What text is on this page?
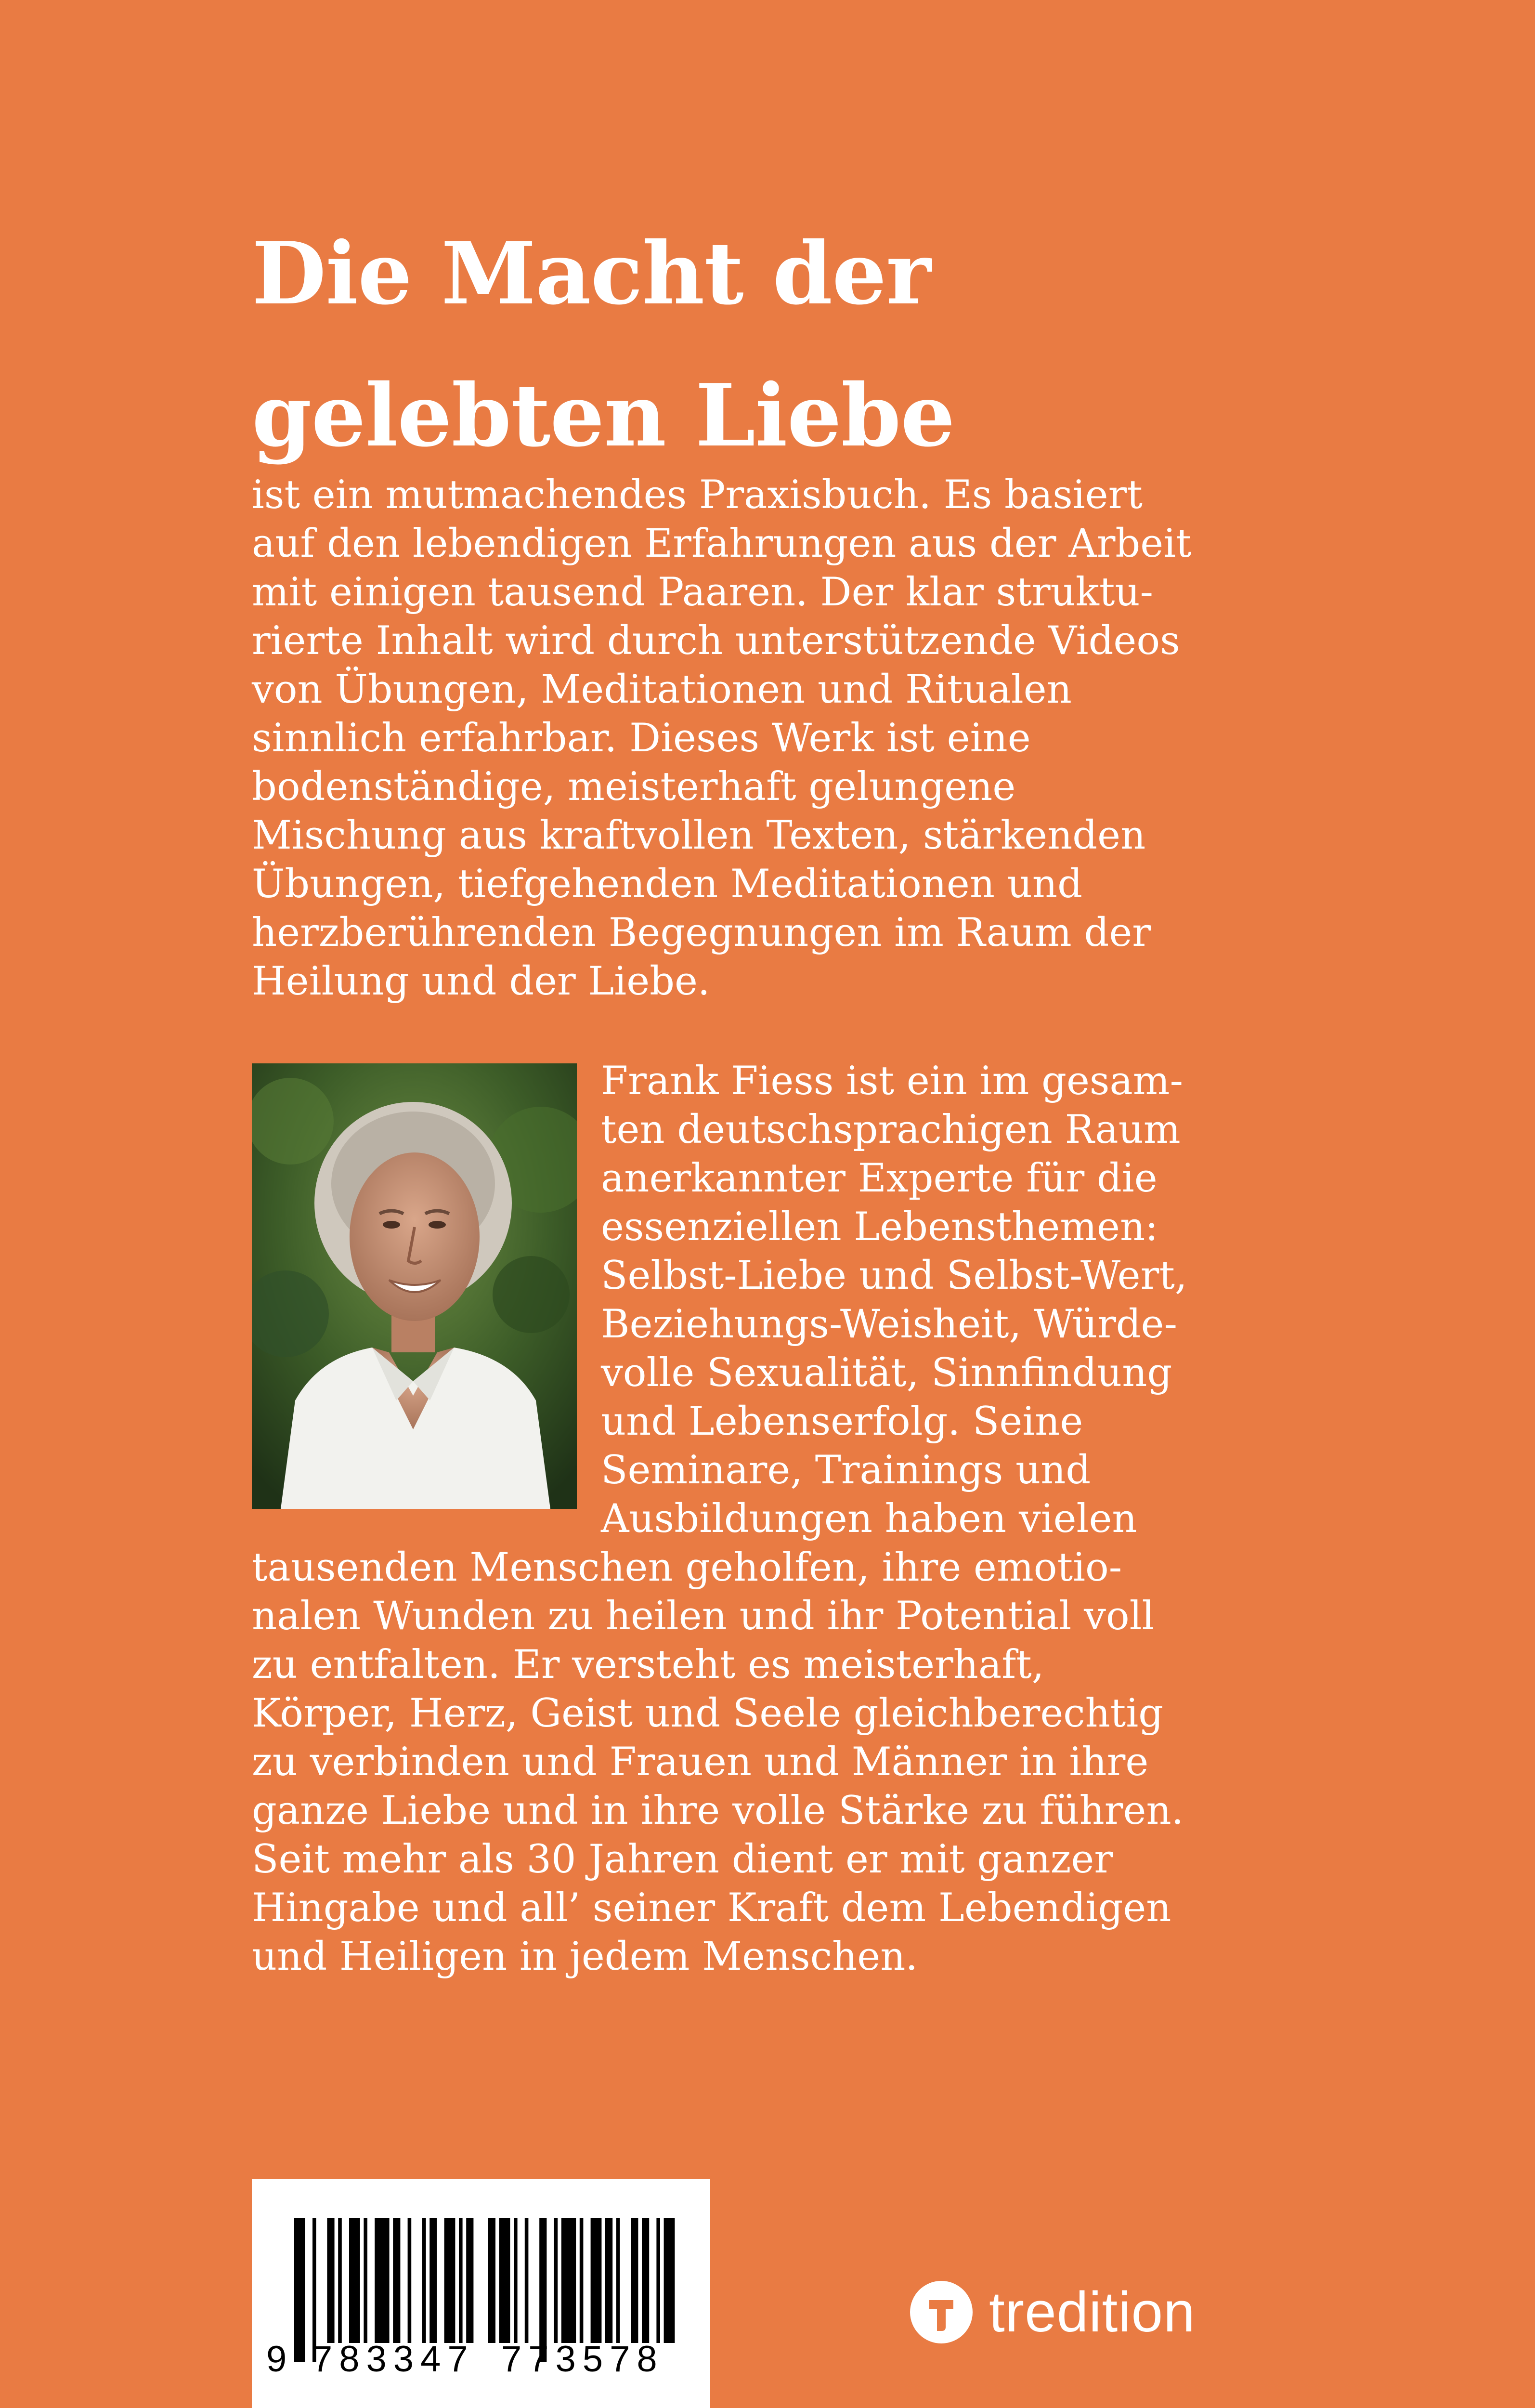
Die Macht der
gelebten Liebe
ist ein mutmachendes Praxisbuch. Es basiert
auf den lebendigen Erfahrungen aus der Arbeit
mit einigen tausend Paaren. Der klar struktu-
rierte Inhalt wird durch unterstützende Videos
von Übungen, Meditationen und Ritualen
sinnlich erfahrbar. Dieses Werk ist eine
bodenständige, meisterhaft gelungene
Mischung aus kraftvollen Texten, stärkenden
Übungen, tiefgehenden Meditationen und
herzberührenden Begegnungen im Raum der
Heilung und der Liebe.
Frank Fiess ist ein im gesam-
ten deutschsprachigen Raum
anerkannter Experte für die
essenziellen Lebensthemen:
Selbst-Liebe und Selbst-Wert,
Beziehungs-Weisheit, Würde-
volle Sexualität, Sinnfindung
und Lebenserfolg. Seine
Seminare, Trainings und
Ausbildungen haben vielen
tausenden Menschen geholfen, ihre emotio-
nalen Wunden zu heilen und ihr Potential voll
zu entfalten. Er versteht es meisterhaft,
Körper, Herz, Geist und Seele gleichberechtig
zu verbinden und Frauen und Männer in ihre
ganze Liebe und in ihre volle Stärke zu führen.
Seit mehr als 30 Jahren dient er mit ganzer
Hingabe und all’ seiner Kraft dem Lebendigen
und Heiligen in jedem Menschen.
9 783347 773578
tredition
